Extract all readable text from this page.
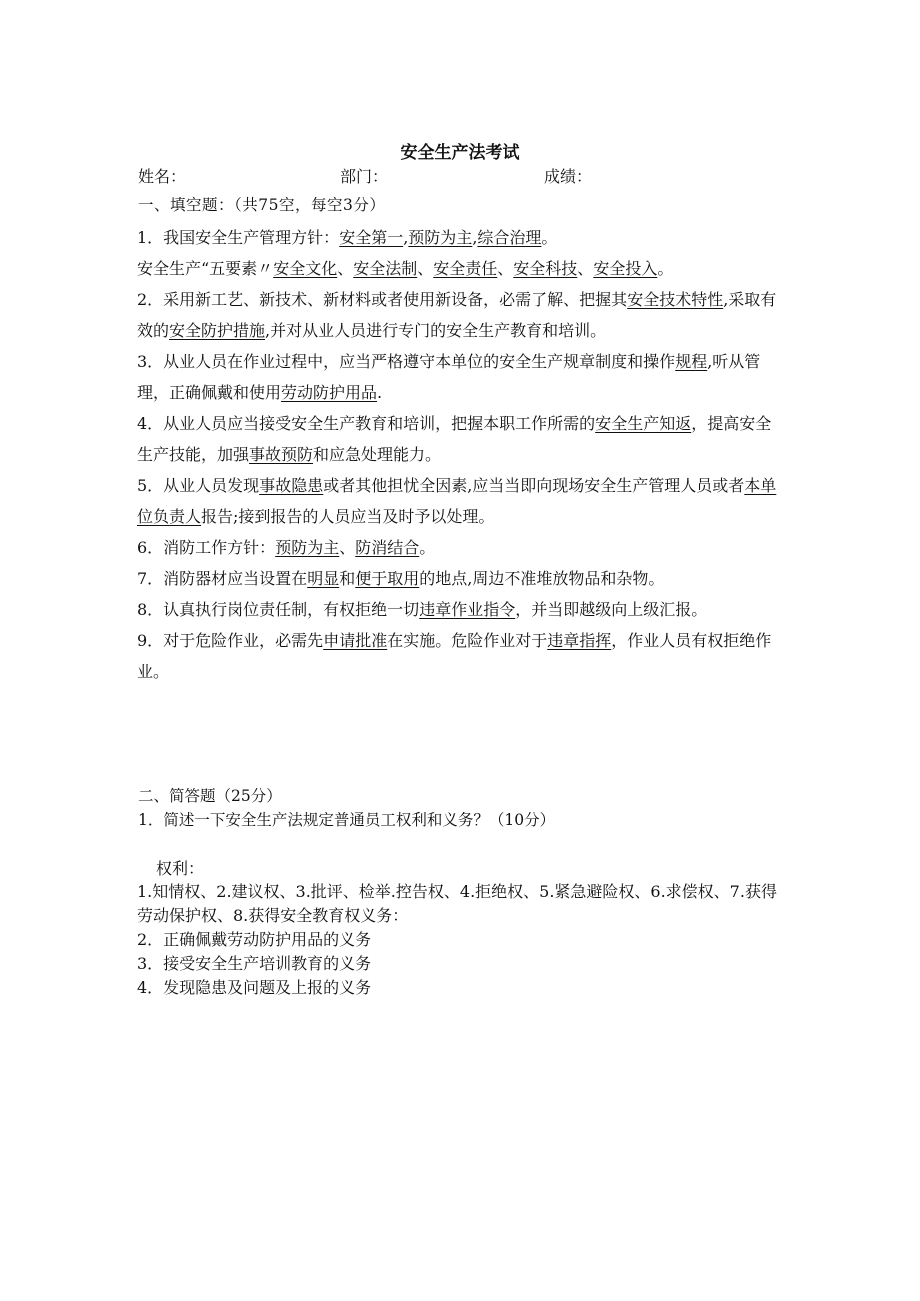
安全生产法考试
姓名：	部门：	成绩：
一、填空题：（共75空，每空3分）

1．我国安全生产管理方针：安全第一,预防为主,综合治理。

安全生产“五要素〃安全文化、安全法制、安全责任、安全科技、安全投入。

2．采用新工艺、新技术、新材料或者使用新设备，必需了解、把握其安全技术特性,采取有效的安全防护措施,并对从业人员进行专门的安全生产教育和培训。

3．从业人员在作业过程中，应当严格遵守本单位的安全生产规章制度和操作规程,听从管理，正确佩戴和使用劳动防护用品.

4．从业人员应当接受安全生产教育和培训，把握本职工作所需的安全生产知返，提高安全生产技能，加强事故预防和应急处理能力。

5．从业人员发现事故隐患或者其他担忧全因素,应当当即向现场安全生产管理人员或者本单位负责人报告;接到报告的人员应当及时予以处理。

6．消防工作方针：预防为主、防消结合。

7．消防器材应当设置在明显和便于取用的地点,周边不准堆放物品和杂物。

8．认真执行岗位责任制，有权拒绝一切违章作业指令，并当即越级向上级汇报。

9．对于危险作业，必需先申请批准在实施。危险作业对于违章指挥，作业人员有权拒绝作业。

二、简答题（25分）
1．简述一下安全生产法规定普通员工权利和义务？（10分）
权利：

1.知情权、2.建议权、3.批评、检举.控告权、4.拒绝权、5.紧急避险权、6.求偿权、7.获得劳动保护权、8.获得安全教育权义务：

2．正确佩戴劳动防护用品的义务

3．接受安全生产培训教育的义务

4．发现隐患及问题及上报的义务
